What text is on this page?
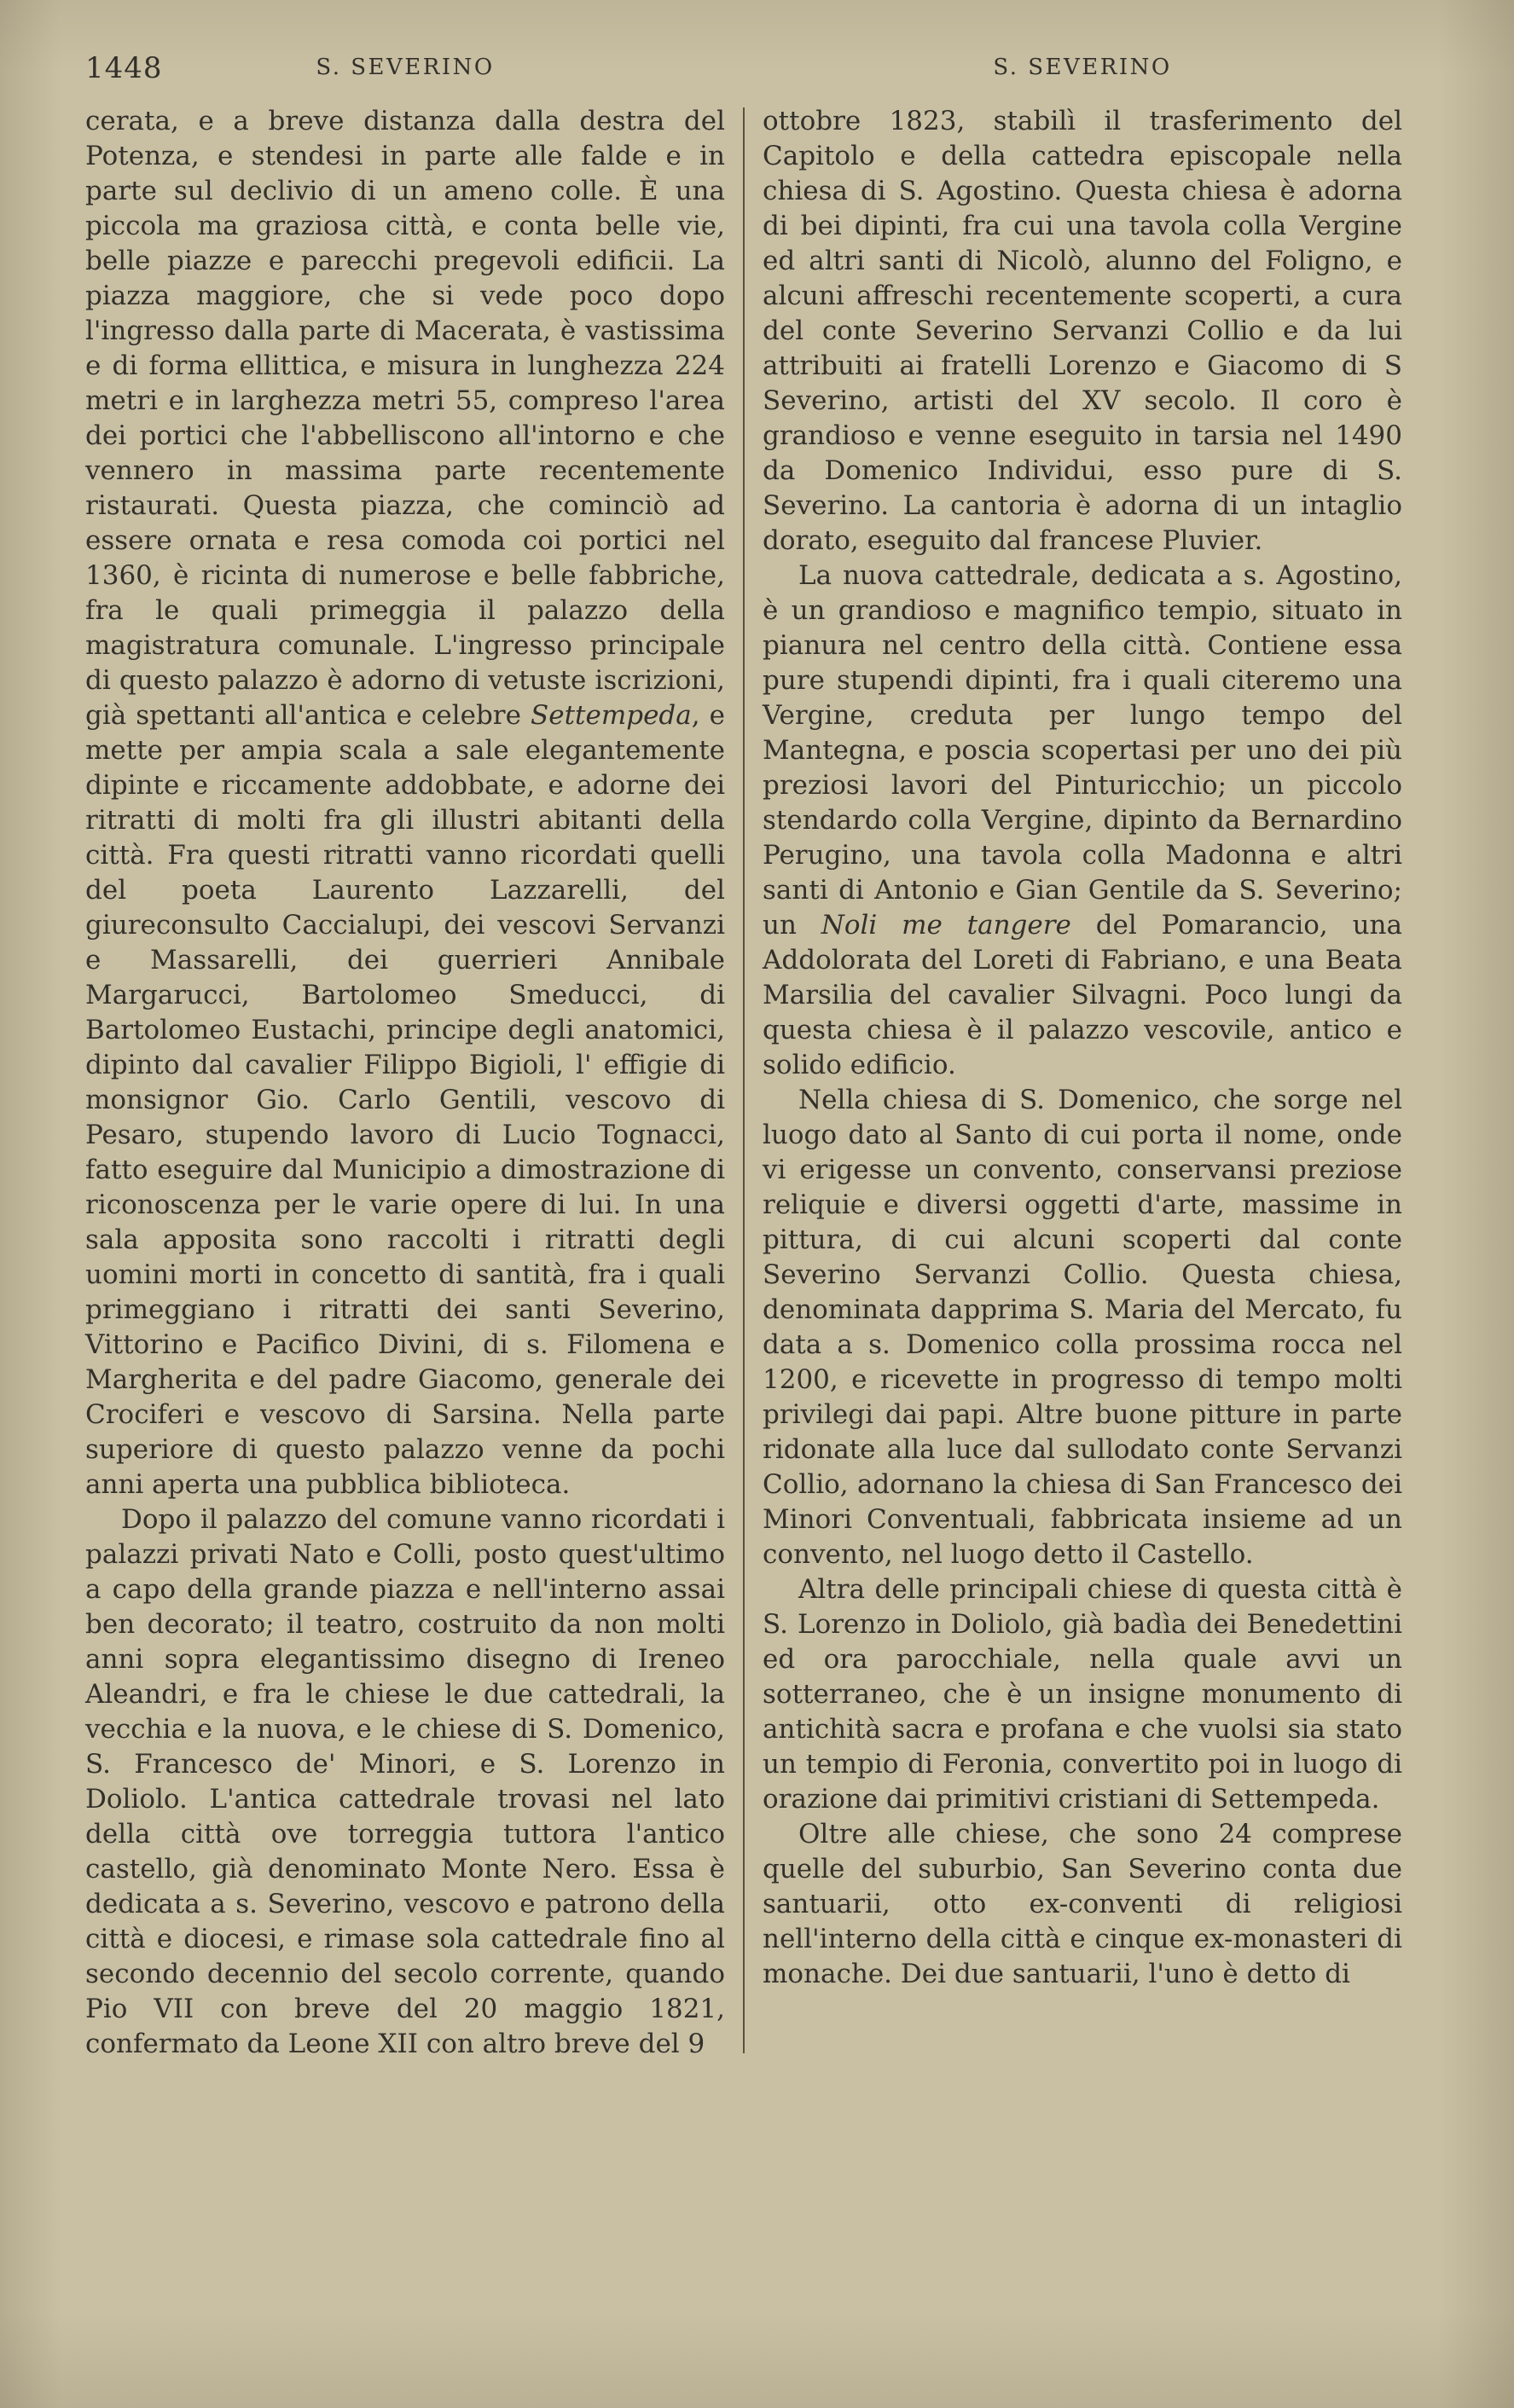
1448	S. SEVERINO	S. SEVERINO

cerata, e a breve distanza dalla destra del Potenza, e stendesi in parte alle falde e in parte sul declivio di un ameno colle. È una piccola ma graziosa città, e conta belle vie, belle piazze e parecchi pregevoli edificii. La piazza maggiore, che si vede poco dopo l'ingresso dalla parte di Macerata, è vastissima e di forma ellittica, e misura in lunghezza 224 metri e in larghezza metri 55, compreso l'area dei portici che l'abbelliscono all'intorno e che vennero in massima parte recentemente ristaurati. Questa piazza, che cominciò ad essere ornata e resa comoda coi portici nel 1360, è ricinta di numerose e belle fabbriche, fra le quali primeggia il palazzo della magistratura comunale. L'ingresso principale di questo palazzo è adorno di vetuste iscrizioni, già spettanti all'antica e celebre Settempeda, e mette per ampia scala a sale elegantemente dipinte e riccamente addobbate, e adorne dei ritratti di molti fra gli illustri abitanti della città. Fra questi ritratti vanno ricordati quelli del poeta Laurento Lazzarelli, del giureconsulto Caccialupi, dei vescovi Servanzi e Massarelli, dei guerrieri Annibale Margarucci, Bartolomeo Smeducci, di Bartolomeo Eustachi, principe degli anatomici, dipinto dal cavalier Filippo Bigioli, l' effigie di monsignor Gio. Carlo Gentili, vescovo di Pesaro, stupendo lavoro di Lucio Tognacci, fatto eseguire dal Municipio a dimostrazione di riconoscenza per le varie opere di lui. In una sala apposita sono raccolti i ritratti degli uomini morti in concetto di santità, fra i quali primeggiano i ritratti dei santi Severino, Vittorino e Pacifico Divini, di s. Filomena e Margherita e del padre Giacomo, generale dei Crociferi e vescovo di Sarsina. Nella parte superiore di questo palazzo venne da pochi anni aperta una pubblica biblioteca.

Dopo il palazzo del comune vanno ricordati i palazzi privati Nato e Colli, posto quest'ultimo a capo della grande piazza e nell'interno assai ben decorato; il teatro, costruito da non molti anni sopra elegantissimo disegno di Ireneo Aleandri, e fra le chiese le due cattedrali, la vecchia e la nuova, e le chiese di S. Domenico, S. Francesco de' Minori, e S. Lorenzo in Doliolo. L'antica cattedrale trovasi nel lato della città ove torreggia tuttora l'antico castello, già denominato Monte Nero. Essa è dedicata a s. Severino, vescovo e patrono della città e diocesi, e rimase sola cattedrale fino al secondo decennio del secolo corrente, quando Pio VII con breve del 20 maggio 1821, confermato da Leone XII con altro breve del 9

ottobre 1823, stabilì il trasferimento del Capitolo e della cattedra episcopale nella chiesa di S. Agostino. Questa chiesa è adorna di bei dipinti, fra cui una tavola colla Vergine ed altri santi di Nicolò, alunno del Foligno, e alcuni affreschi recentemente scoperti, a cura del conte Severino Servanzi Collio e da lui attribuiti ai fratelli Lorenzo e Giacomo di S Severino, artisti del XV secolo. Il coro è grandioso e venne eseguito in tarsia nel 1490 da Domenico Individui, esso pure di S. Severino. La cantoria è adorna di un intaglio dorato, eseguito dal francese Pluvier.

La nuova cattedrale, dedicata a s. Agostino, è un grandioso e magnifico tempio, situato in pianura nel centro della città. Contiene essa pure stupendi dipinti, fra i quali citeremo una Vergine, creduta per lungo tempo del Mantegna, e poscia scopertasi per uno dei più preziosi lavori del Pinturicchio; un piccolo stendardo colla Vergine, dipinto da Bernardino Perugino, una tavola colla Madonna e altri santi di Antonio e Gian Gentile da S. Severino; un Noli me tangere del Pomarancio, una Addolorata del Loreti di Fabriano, e una Beata Marsilia del cavalier Silvagni. Poco lungi da questa chiesa è il palazzo vescovile, antico e solido edificio.

Nella chiesa di S. Domenico, che sorge nel luogo dato al Santo di cui porta il nome, onde vi erigesse un convento, conservansi preziose reliquie e diversi oggetti d'arte, massime in pittura, di cui alcuni scoperti dal conte Severino Servanzi Collio. Questa chiesa, denominata dapprima S. Maria del Mercato, fu data a s. Domenico colla prossima rocca nel 1200, e ricevette in progresso di tempo molti privilegi dai papi. Altre buone pitture in parte ridonate alla luce dal sullodato conte Servanzi Collio, adornano la chiesa di San Francesco dei Minori Conventuali, fabbricata insieme ad un convento, nel luogo detto il Castello.

Altra delle principali chiese di questa città è S. Lorenzo in Doliolo, già badìa dei Benedettini ed ora parocchiale, nella quale avvi un sotterraneo, che è un insigne monumento di antichità sacra e profana e che vuolsi sia stato un tempio di Feronia, convertito poi in luogo di orazione dai primitivi cristiani di Settempeda.

Oltre alle chiese, che sono 24 comprese quelle del suburbio, San Severino conta due santuarii, otto ex-conventi di religiosi nell'interno della città e cinque ex-monasteri di monache. Dei due santuarii, l'uno è detto di
